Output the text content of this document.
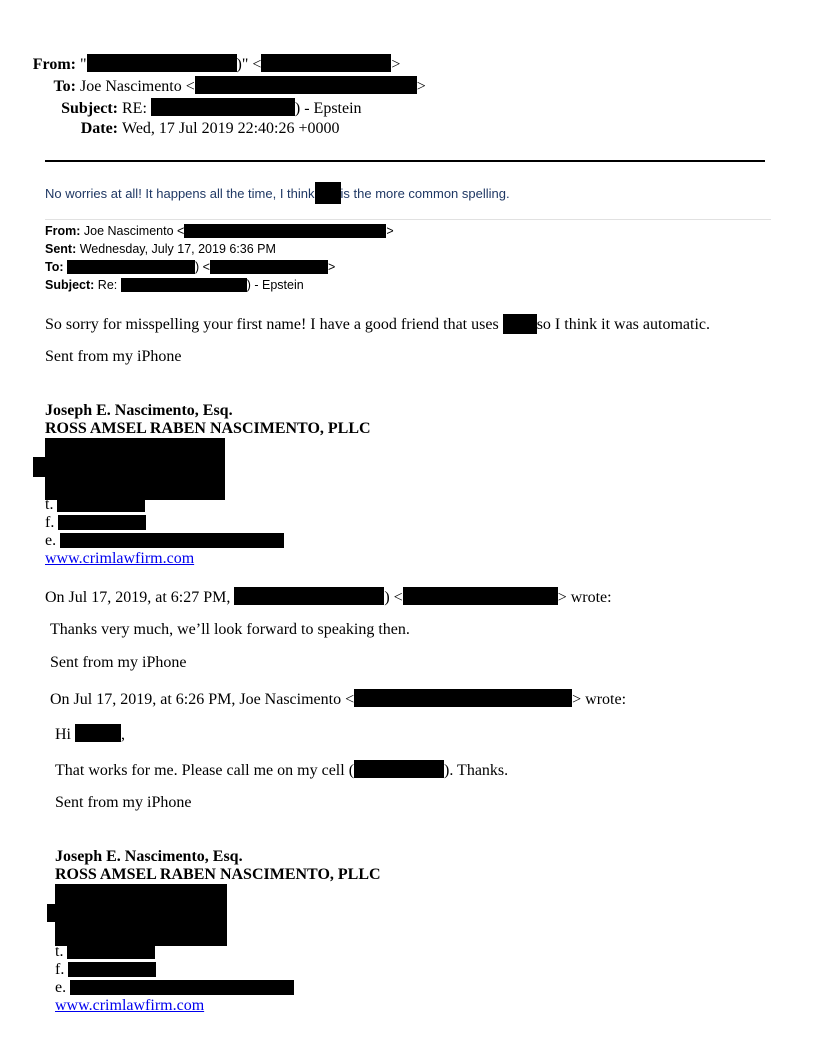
From: "	)" <	>
To: Joe Nascimento <	>
Subject: RE:	) - Epstein
Date: Wed, 17 Jul 2019 22:40:26 +0000
No worries at all! It happens all the time, I think is the more common spelling.
From: Joe Nascimento <	>
Sent: Wednesday, July 17, 2019 6:36 PM
To:	) <	>
Subject: Re:	) - Epstein
So sorry for misspelling your first name! I have a good friend that uses so I think it was automatic.
Sent from my iPhone
Joseph E. Nascimento, Esq.
ROSS AMSEL RABEN NASCIMENTO, PLLC
t.
f.
e.
www.crimlawfirm.com
On Jul 17, 2019, at 6:27 PM,	) <	> wrote:
Thanks very much, we’ll look forward to speaking then.
Sent from my iPhone
On Jul 17, 2019, at 6:26 PM, Joe Nascimento <	> wrote:
Hi	,
That works for me. Please call me on my cell (	). Thanks.
Sent from my iPhone
Joseph E. Nascimento, Esq.
ROSS AMSEL RABEN NASCIMENTO, PLLC
t.
f.
e.
www.crimlawfirm.com
